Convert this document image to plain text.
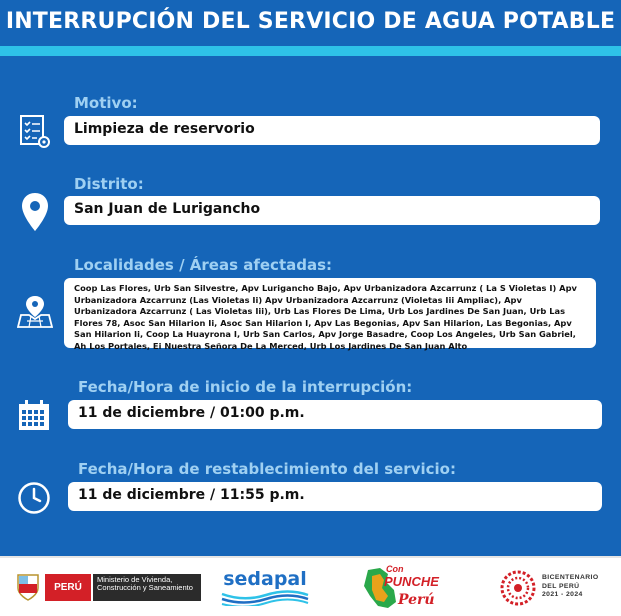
INTERRUPCIÓN DEL SERVICIO DE AGUA POTABLE
Motivo:
Limpieza de reservorio
Distrito:
San Juan de Lurigancho
Localidades / Áreas afectadas:
Coop Las Flores, Urb San Silvestre, Apv Lurigancho Bajo, Apv Urbanizadora Azcarrunz ( La S Violetas I) Apv Urbanizadora Azcarrunz (Las Violetas Ii) Apv Urbanizadora Azcarrunz (Violetas Iii Ampliac), Apv Urbanizadora Azcarrunz ( Las Violetas Iii), Urb Las Flores De Lima, Urb Los Jardines De San Juan, Urb Las Flores 78, Asoc San Hilarion Ii, Asoc San Hilarion I, Apv Las Begonias, Apv San Hilarion, Las Begonias, Apv San Hilarion Ii, Coop La Huayrona I, Urb San Carlos, Apv Jorge Basadre, Coop Los Angeles, Urb San Gabriel, Ah Los Portales, Ei Nuestra Señora De La Merced, Urb Los Jardines De San Juan Alto
Fecha/Hora de inicio de la interrupción:
11 de diciembre / 01:00 p.m.
Fecha/Hora de restablecimiento del servicio:
11 de diciembre / 11:55 p.m.
PERÚ
Ministerio de Vivienda, Construcción y Saneamiento	sedapal	Con
PUNCHE
Perú
BICENTENARIO
DEL PERÚ
2021 - 2024
